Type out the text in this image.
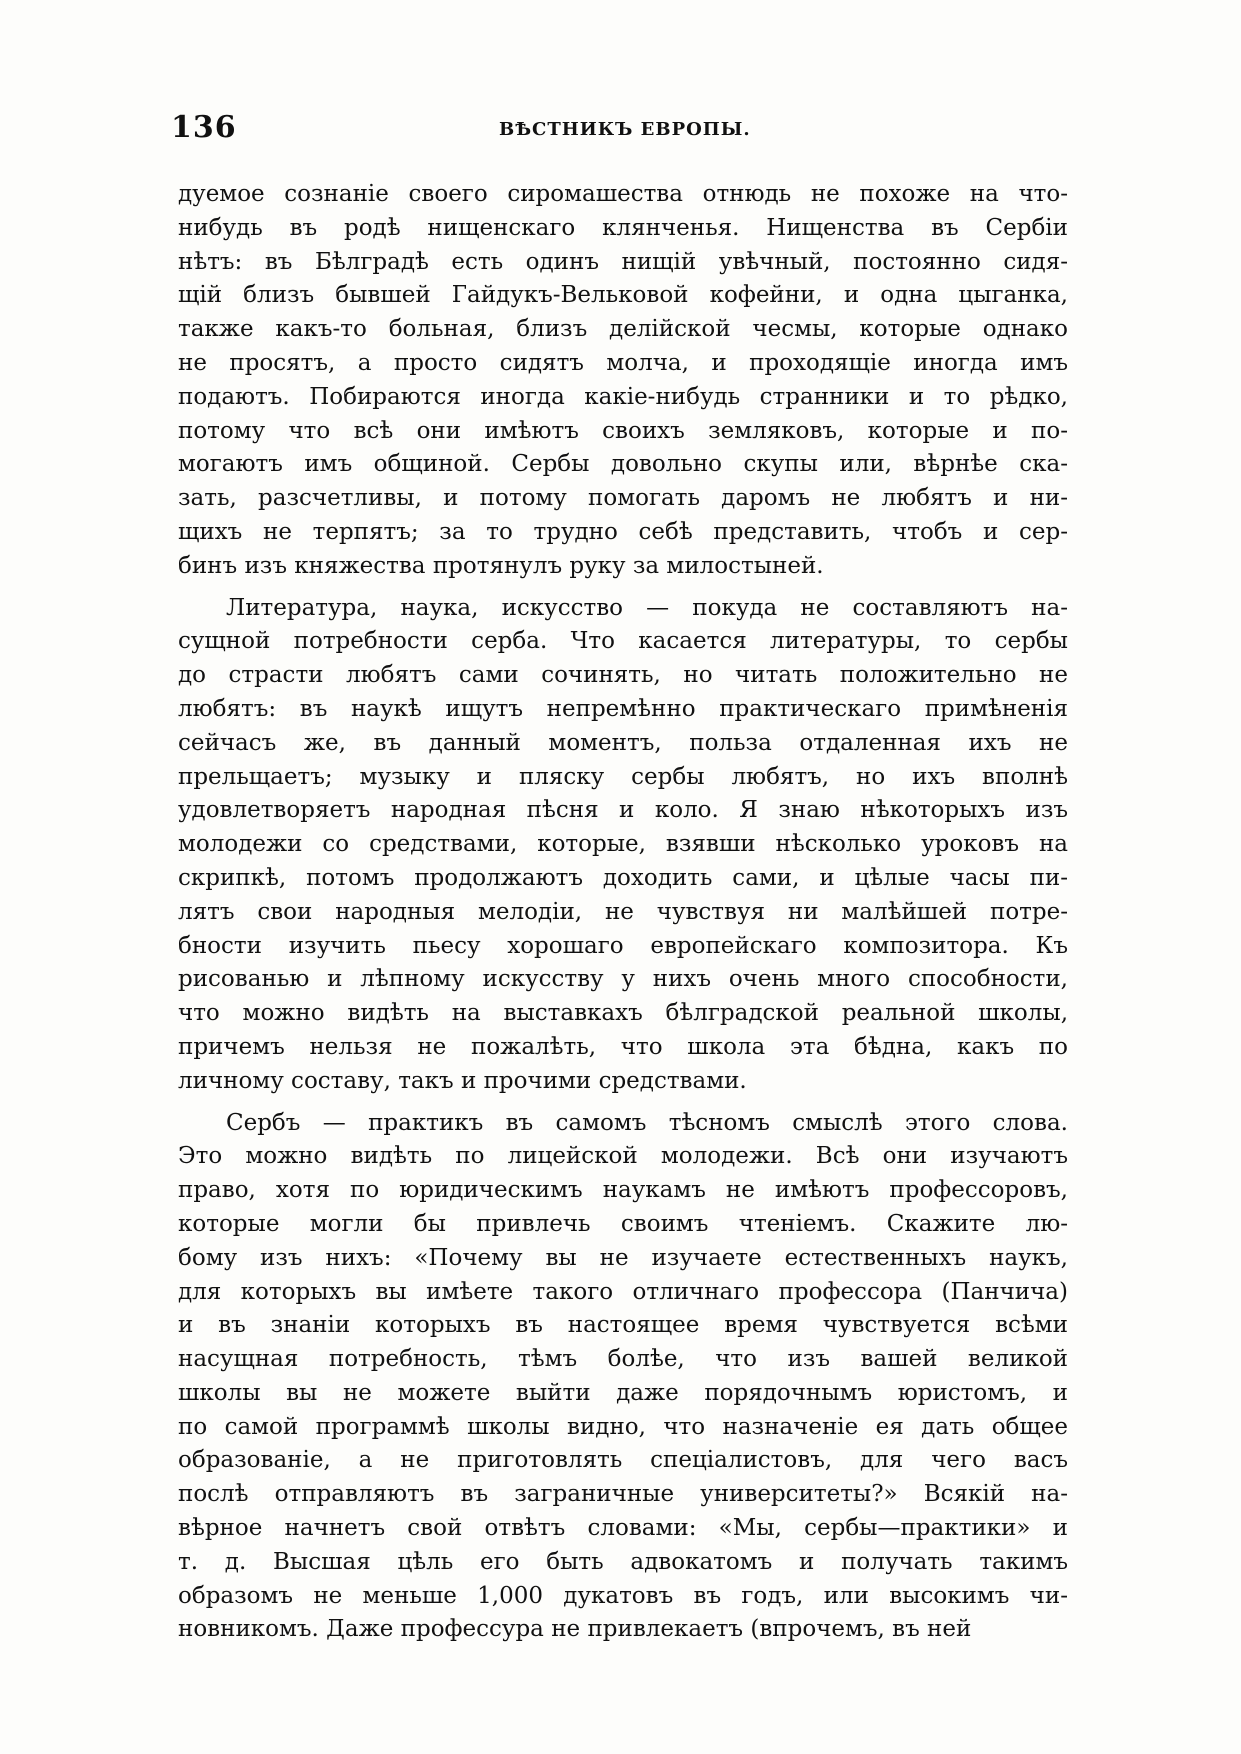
136	ВѢСТНИКЪ ЕВРОПЫ.
дуемое сознаніе своего сиромашества отнюдь не похоже на что-
нибудь въ родѣ нищенскаго клянченья. Нищенства въ Сербіи
нѣтъ: въ Бѣлградѣ есть одинъ нищій увѣчный, постоянно сидя-
щій близъ бывшей Гайдукъ-Вельковой кофейни, и одна цыганка,
также какъ-то больная, близъ делійской чесмы, которые однако
не просятъ, а просто сидятъ молча, и проходящіе иногда имъ
подаютъ. Побираются иногда какіе-нибудь странники и то рѣдко,
потому что всѣ они имѣютъ своихъ земляковъ, которые и по-
могаютъ имъ общиной. Сербы довольно скупы или, вѣрнѣе ска-
зать, разсчетливы, и потому помогать даромъ не любятъ и ни-
щихъ не терпятъ; за то трудно себѣ представить, чтобъ и сер-
бинъ изъ княжества протянулъ руку за милостыней.
Литература, наука, искусство — покуда не составляютъ на-
сущной потребности серба. Что касается литературы, то сербы
до страсти любятъ сами сочинять, но читать положительно не
любятъ: въ наукѣ ищутъ непремѣнно практическаго примѣненія
сейчасъ же, въ данный моментъ, польза отдаленная ихъ не
прельщаетъ; музыку и пляску сербы любятъ, но ихъ вполнѣ
удовлетворяетъ народная пѣсня и коло. Я знаю нѣкоторыхъ изъ
молодежи со средствами, которые, взявши нѣсколько уроковъ на
скрипкѣ, потомъ продолжаютъ доходить сами, и цѣлые часы пи-
лятъ свои народныя мелодіи, не чувствуя ни малѣйшей потре-
бности изучить пьесу хорошаго европейскаго композитора. Къ
рисованью и лѣпному искусству у нихъ очень много способности,
что можно видѣть на выставкахъ бѣлградской реальной школы,
причемъ нельзя не пожалѣть, что школа эта бѣдна, какъ по
личному составу, такъ и прочими средствами.
Сербъ — практикъ въ самомъ тѣсномъ смыслѣ этого слова.
Это можно видѣть по лицейской молодежи. Всѣ они изучаютъ
право, хотя по юридическимъ наукамъ не имѣютъ профессоровъ,
которые могли бы привлечь своимъ чтеніемъ. Скажите лю-
бому изъ нихъ: «Почему вы не изучаете естественныхъ наукъ,
для которыхъ вы имѣете такого отличнаго профессора (Панчича)
и въ знаніи которыхъ въ настоящее время чувствуется всѣми
насущная потребность, тѣмъ болѣе, что изъ вашей великой
школы вы не можете выйти даже порядочнымъ юристомъ, и
по самой программѣ школы видно, что назначеніе ея дать общее
образованіе, а не приготовлять спеціалистовъ, для чего васъ
послѣ отправляютъ въ заграничные университеты?» Всякій на-
вѣрное начнетъ свой отвѣтъ словами: «Мы, сербы—практики» и
т. д. Высшая цѣль его быть адвокатомъ и получать такимъ
образомъ не меньше 1,000 дукатовъ въ годъ, или высокимъ чи-
новникомъ. Даже профессура не привлекаетъ (впрочемъ, въ ней
